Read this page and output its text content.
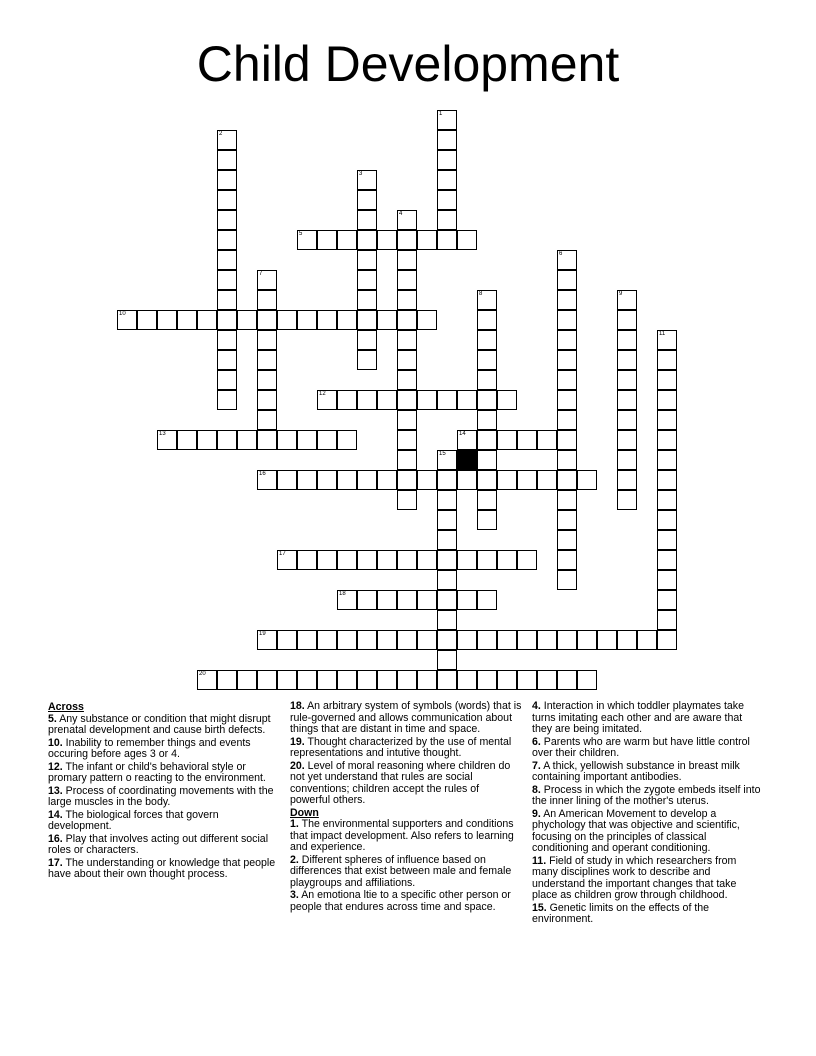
Child Development
1
2
3
4
5
6
7
8	9
10
11
12
13	14
15
16
17
18
19
20
Across
5. Any substance or condition that might disrupt prenatal development and cause birth defects.
10. Inability to remember things and events occuring before ages 3 or 4.
12. The infant or child's behavioral style or promary pattern o reacting to the environment.
13. Process of coordinating movements with the large muscles in the body.
14. The biological forces that govern development.
16. Play that involves acting out different social roles or characters.
17. The understanding or knowledge that people have about their own thought process.
18. An arbitrary system of symbols (words) that is rule-governed and allows communication about things that are distant in time and space.
19. Thought characterized by the use of mental representations and intutive thought.
20. Level of moral reasoning where children do not yet understand that rules are social conventions; children accept the rules of powerful others.
Down
1. The environmental supporters and conditions that impact development. Also refers to learning and experience.
2. Different spheres of influence based on differences that exist between male and female playgroups and affiliations.
3. An emotiona ltie to a specific other person or people that endures across time and space.
4. Interaction in which toddler playmates take turns imitating each other and are aware that they are being imitated.
6. Parents who are warm but have little control over their children.
7. A thick, yellowish substance in breast milk containing important antibodies.
8. Process in which the zygote embeds itself into the inner lining of the mother's uterus.
9. An American Movement to develop a phychology that was objective and scientific, focusing on the principles of classical conditioning and operant conditioning.
11. Field of study in which researchers from many disciplines work to describe and understand the important changes that take place as children grow through childhood.
15. Genetic limits on the effects of the environment.
